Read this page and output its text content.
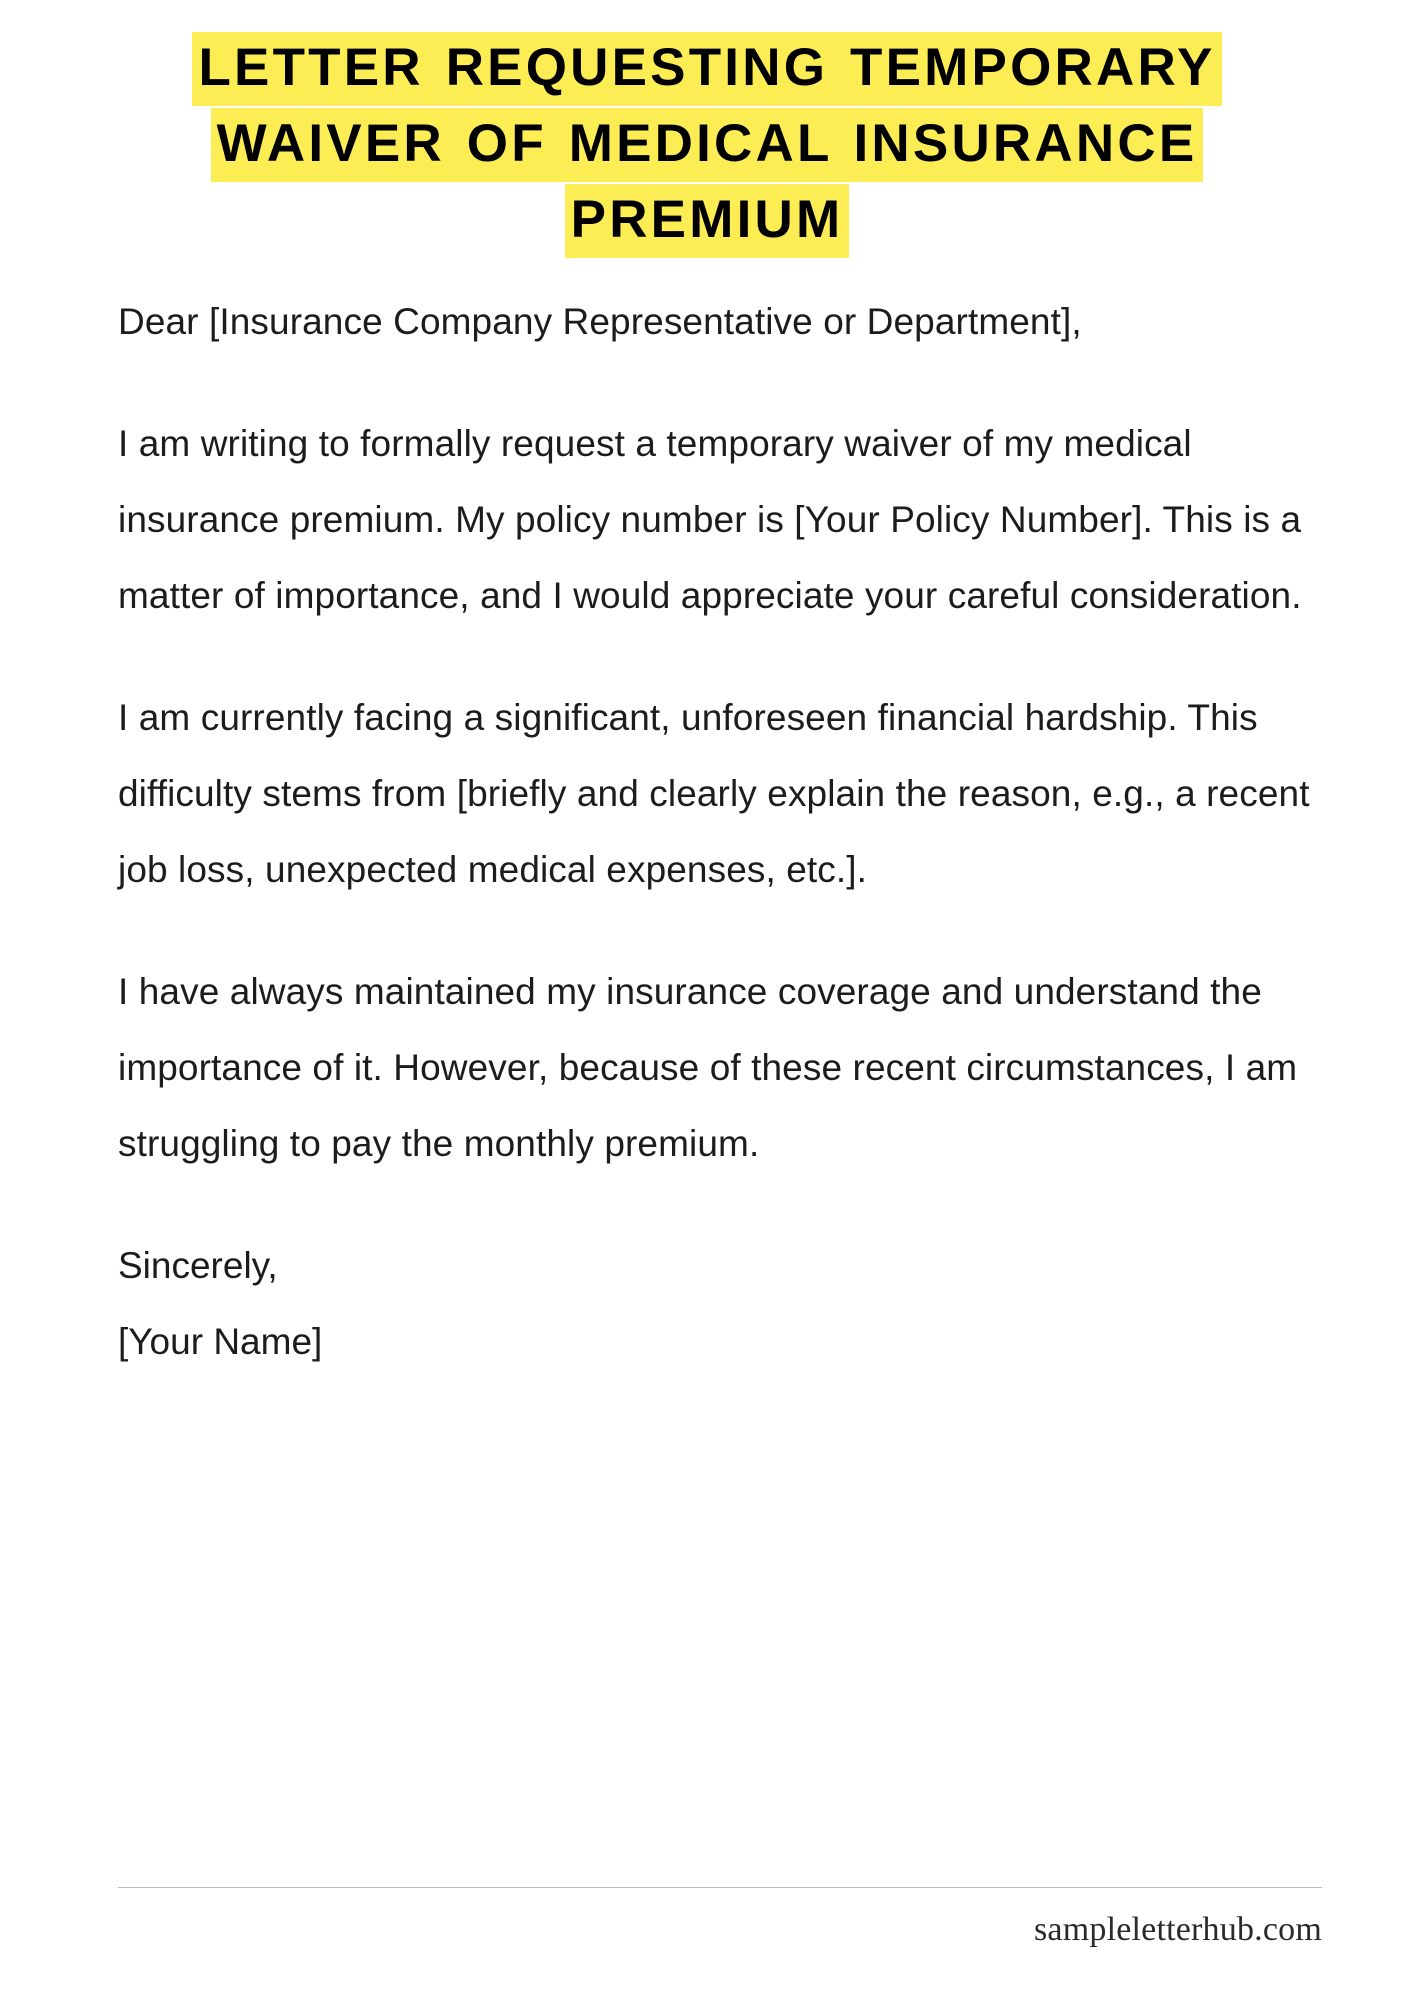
LETTER REQUESTING TEMPORARY
WAIVER OF MEDICAL INSURANCE
PREMIUM

Dear [Insurance Company Representative or Department],

I am writing to formally request a temporary waiver of my medical insurance premium. My policy number is [Your Policy Number]. This is a matter of importance, and I would appreciate your careful consideration.

I am currently facing a significant, unforeseen financial hardship. This difficulty stems from [briefly and clearly explain the reason, e.g., a recent job loss, unexpected medical expenses, etc.].

I have always maintained my insurance coverage and understand the importance of it. However, because of these recent circumstances, I am struggling to pay the monthly premium.

Sincerely,
[Your Name]
sampleletterhub.com
